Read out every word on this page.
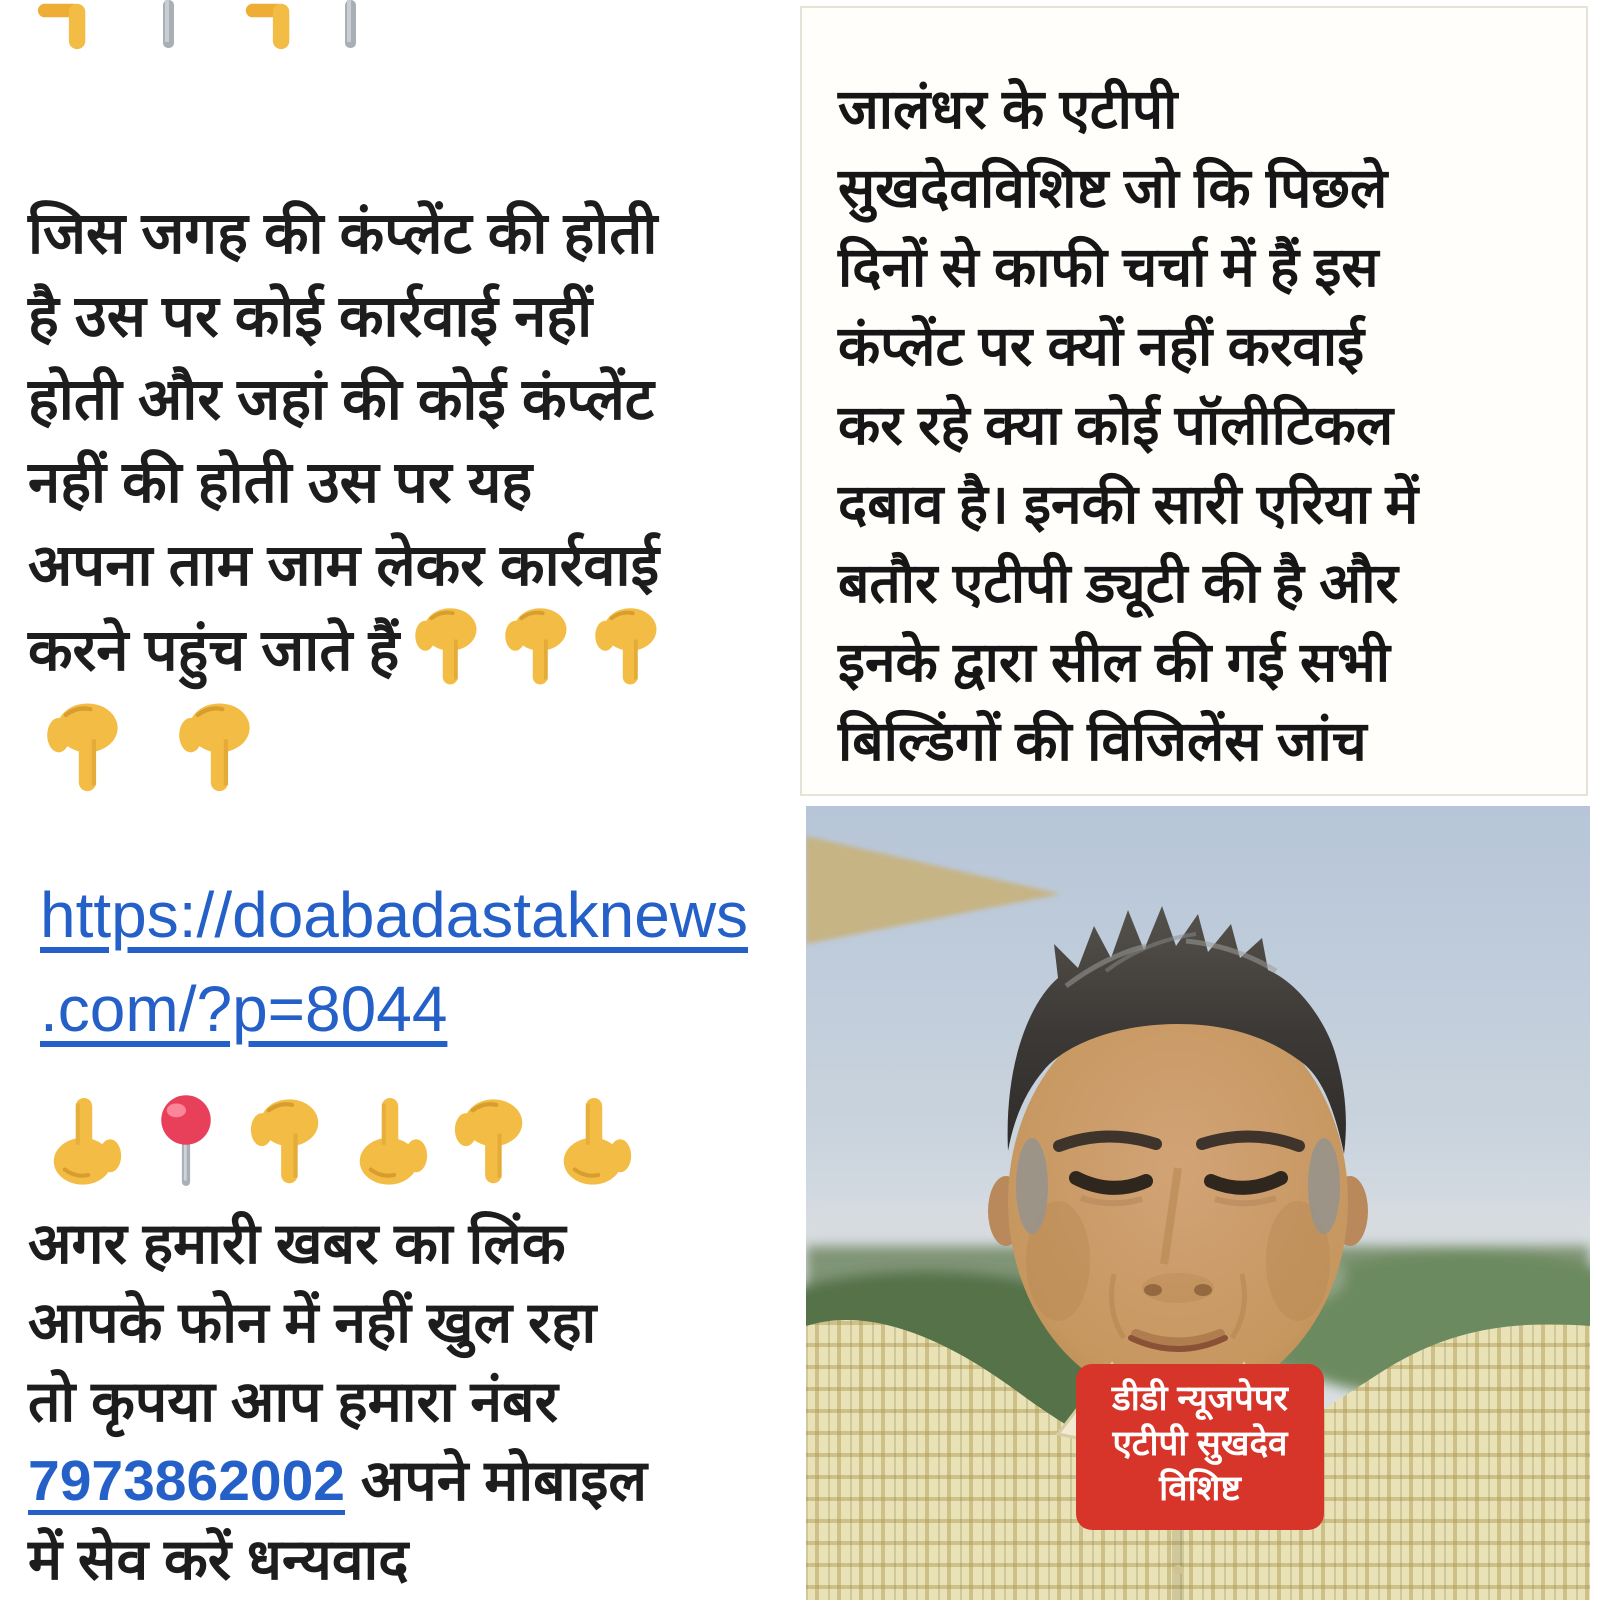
जिस जगह की कंप्लेंट की होती
है उस पर कोई कार्रवाई नहीं
होती और जहां की कोई कंप्लेंट
नहीं की होती उस पर यह
अपना ताम जाम लेकर कार्रवाई
करने पहुंच जाते हैं
https://doabadastaknews
.com/?p=8044
अगर हमारी खबर का लिंक
आपके फोन में नहीं खुल रहा
तो कृपया आप हमारा नंबर
7973862002 अपने मोबाइल
में सेव करें धन्यवाद
जालंधर के एटीपी
सुखदेवविशिष्ट जो कि पिछले
दिनों से काफी चर्चा में हैं इस
कंप्लेंट पर क्यों नहीं करवाई
कर रहे क्या कोई पॉलीटिकल
दबाव है। इनकी सारी एरिया में
बतौर एटीपी ड्यूटी की है और
इनके द्वारा सील की गई सभी
बिल्डिंगों की विजिलेंस जांच
डीडी न्यूजपेपर
एटीपी सुखदेव
विशिष्ट
